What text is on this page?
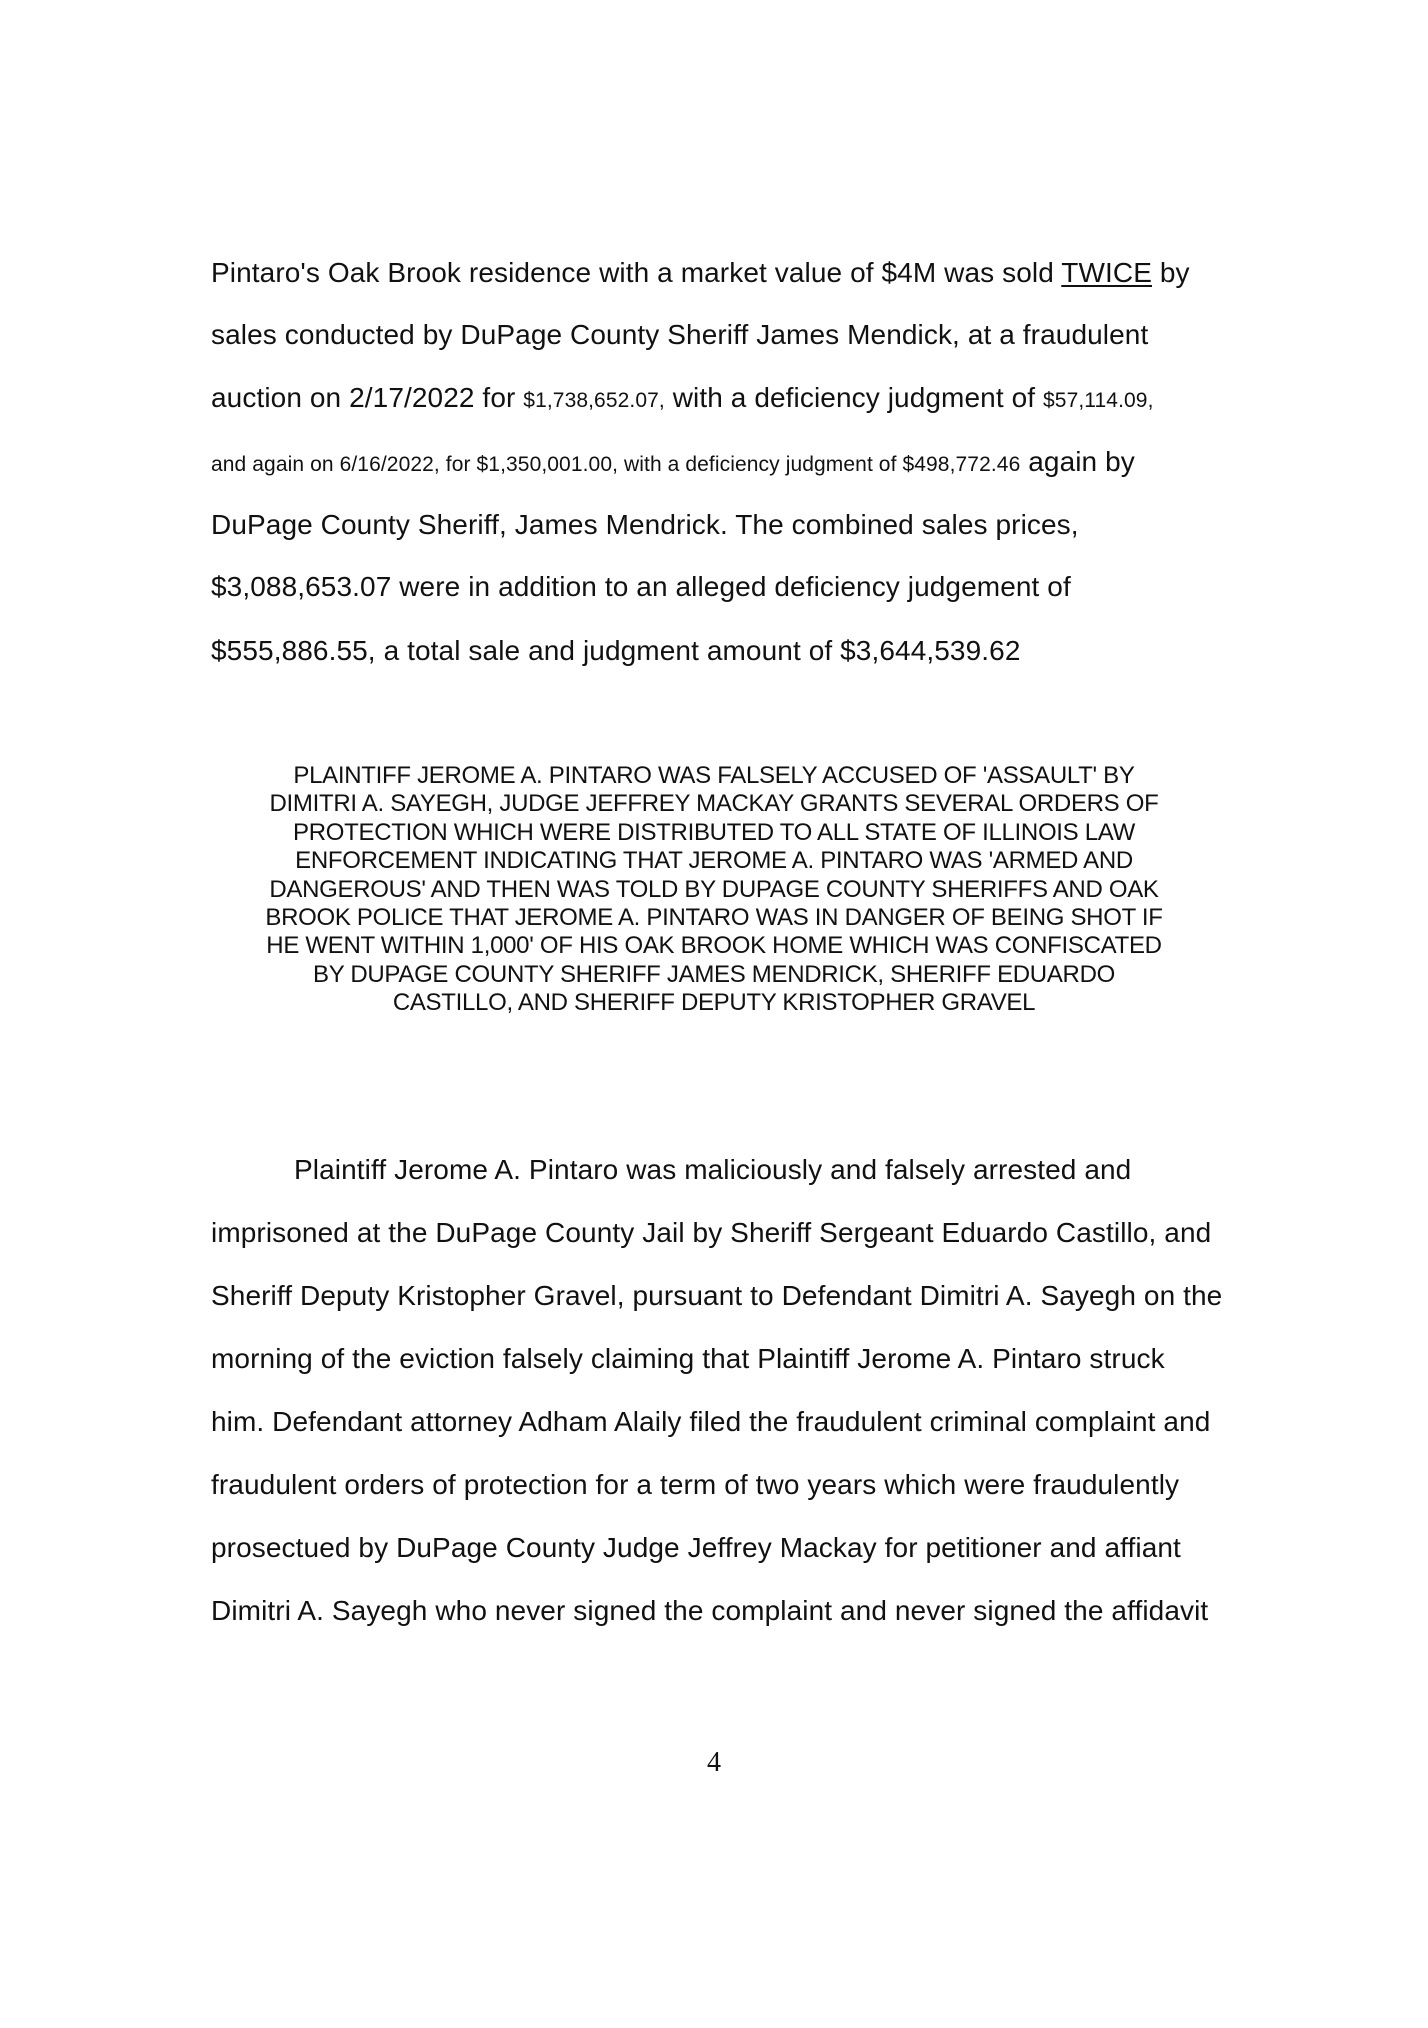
Pintaro's Oak Brook residence with a market value of $4M was sold TWICE by
sales conducted by DuPage County Sheriff James Mendick, at a fraudulent
auction on 2/17/2022 for $1,738,652.07, with a deficiency judgment of $57,114.09,
and again on 6/16/2022, for $1,350,001.00, with a deficiency judgment of $498,772.46 again by
DuPage County Sheriff, James Mendrick. The combined sales prices,
$3,088,653.07 were in addition to an alleged deficiency judgement of
$555,886.55, a total sale and judgment amount of $3,644,539.62
PLAINTIFF JEROME A. PINTARO WAS FALSELY ACCUSED OF 'ASSAULT' BY
DIMITRI A. SAYEGH, JUDGE JEFFREY MACKAY GRANTS SEVERAL ORDERS OF
PROTECTION WHICH WERE DISTRIBUTED TO ALL STATE OF ILLINOIS LAW
ENFORCEMENT INDICATING THAT JEROME A. PINTARO WAS 'ARMED AND
DANGEROUS' AND THEN WAS TOLD BY DUPAGE COUNTY SHERIFFS AND OAK
BROOK POLICE THAT JEROME A. PINTARO WAS IN DANGER OF BEING SHOT IF
HE WENT WITHIN 1,000' OF HIS OAK BROOK HOME WHICH WAS CONFISCATED
BY DUPAGE COUNTY SHERIFF JAMES MENDRICK, SHERIFF EDUARDO
CASTILLO, AND SHERIFF DEPUTY KRISTOPHER GRAVEL
Plaintiff Jerome A. Pintaro was maliciously and falsely arrested and
imprisoned at the DuPage County Jail by Sheriff Sergeant Eduardo Castillo, and
Sheriff Deputy Kristopher Gravel, pursuant to Defendant Dimitri A. Sayegh on the
morning of the eviction falsely claiming that Plaintiff Jerome A. Pintaro struck
him. Defendant attorney Adham Alaily filed the fraudulent criminal complaint and
fraudulent orders of protection for a term of two years which were fraudulently
prosectued by DuPage County Judge Jeffrey Mackay for petitioner and affiant
Dimitri A. Sayegh who never signed the complaint and never signed the affidavit
4
